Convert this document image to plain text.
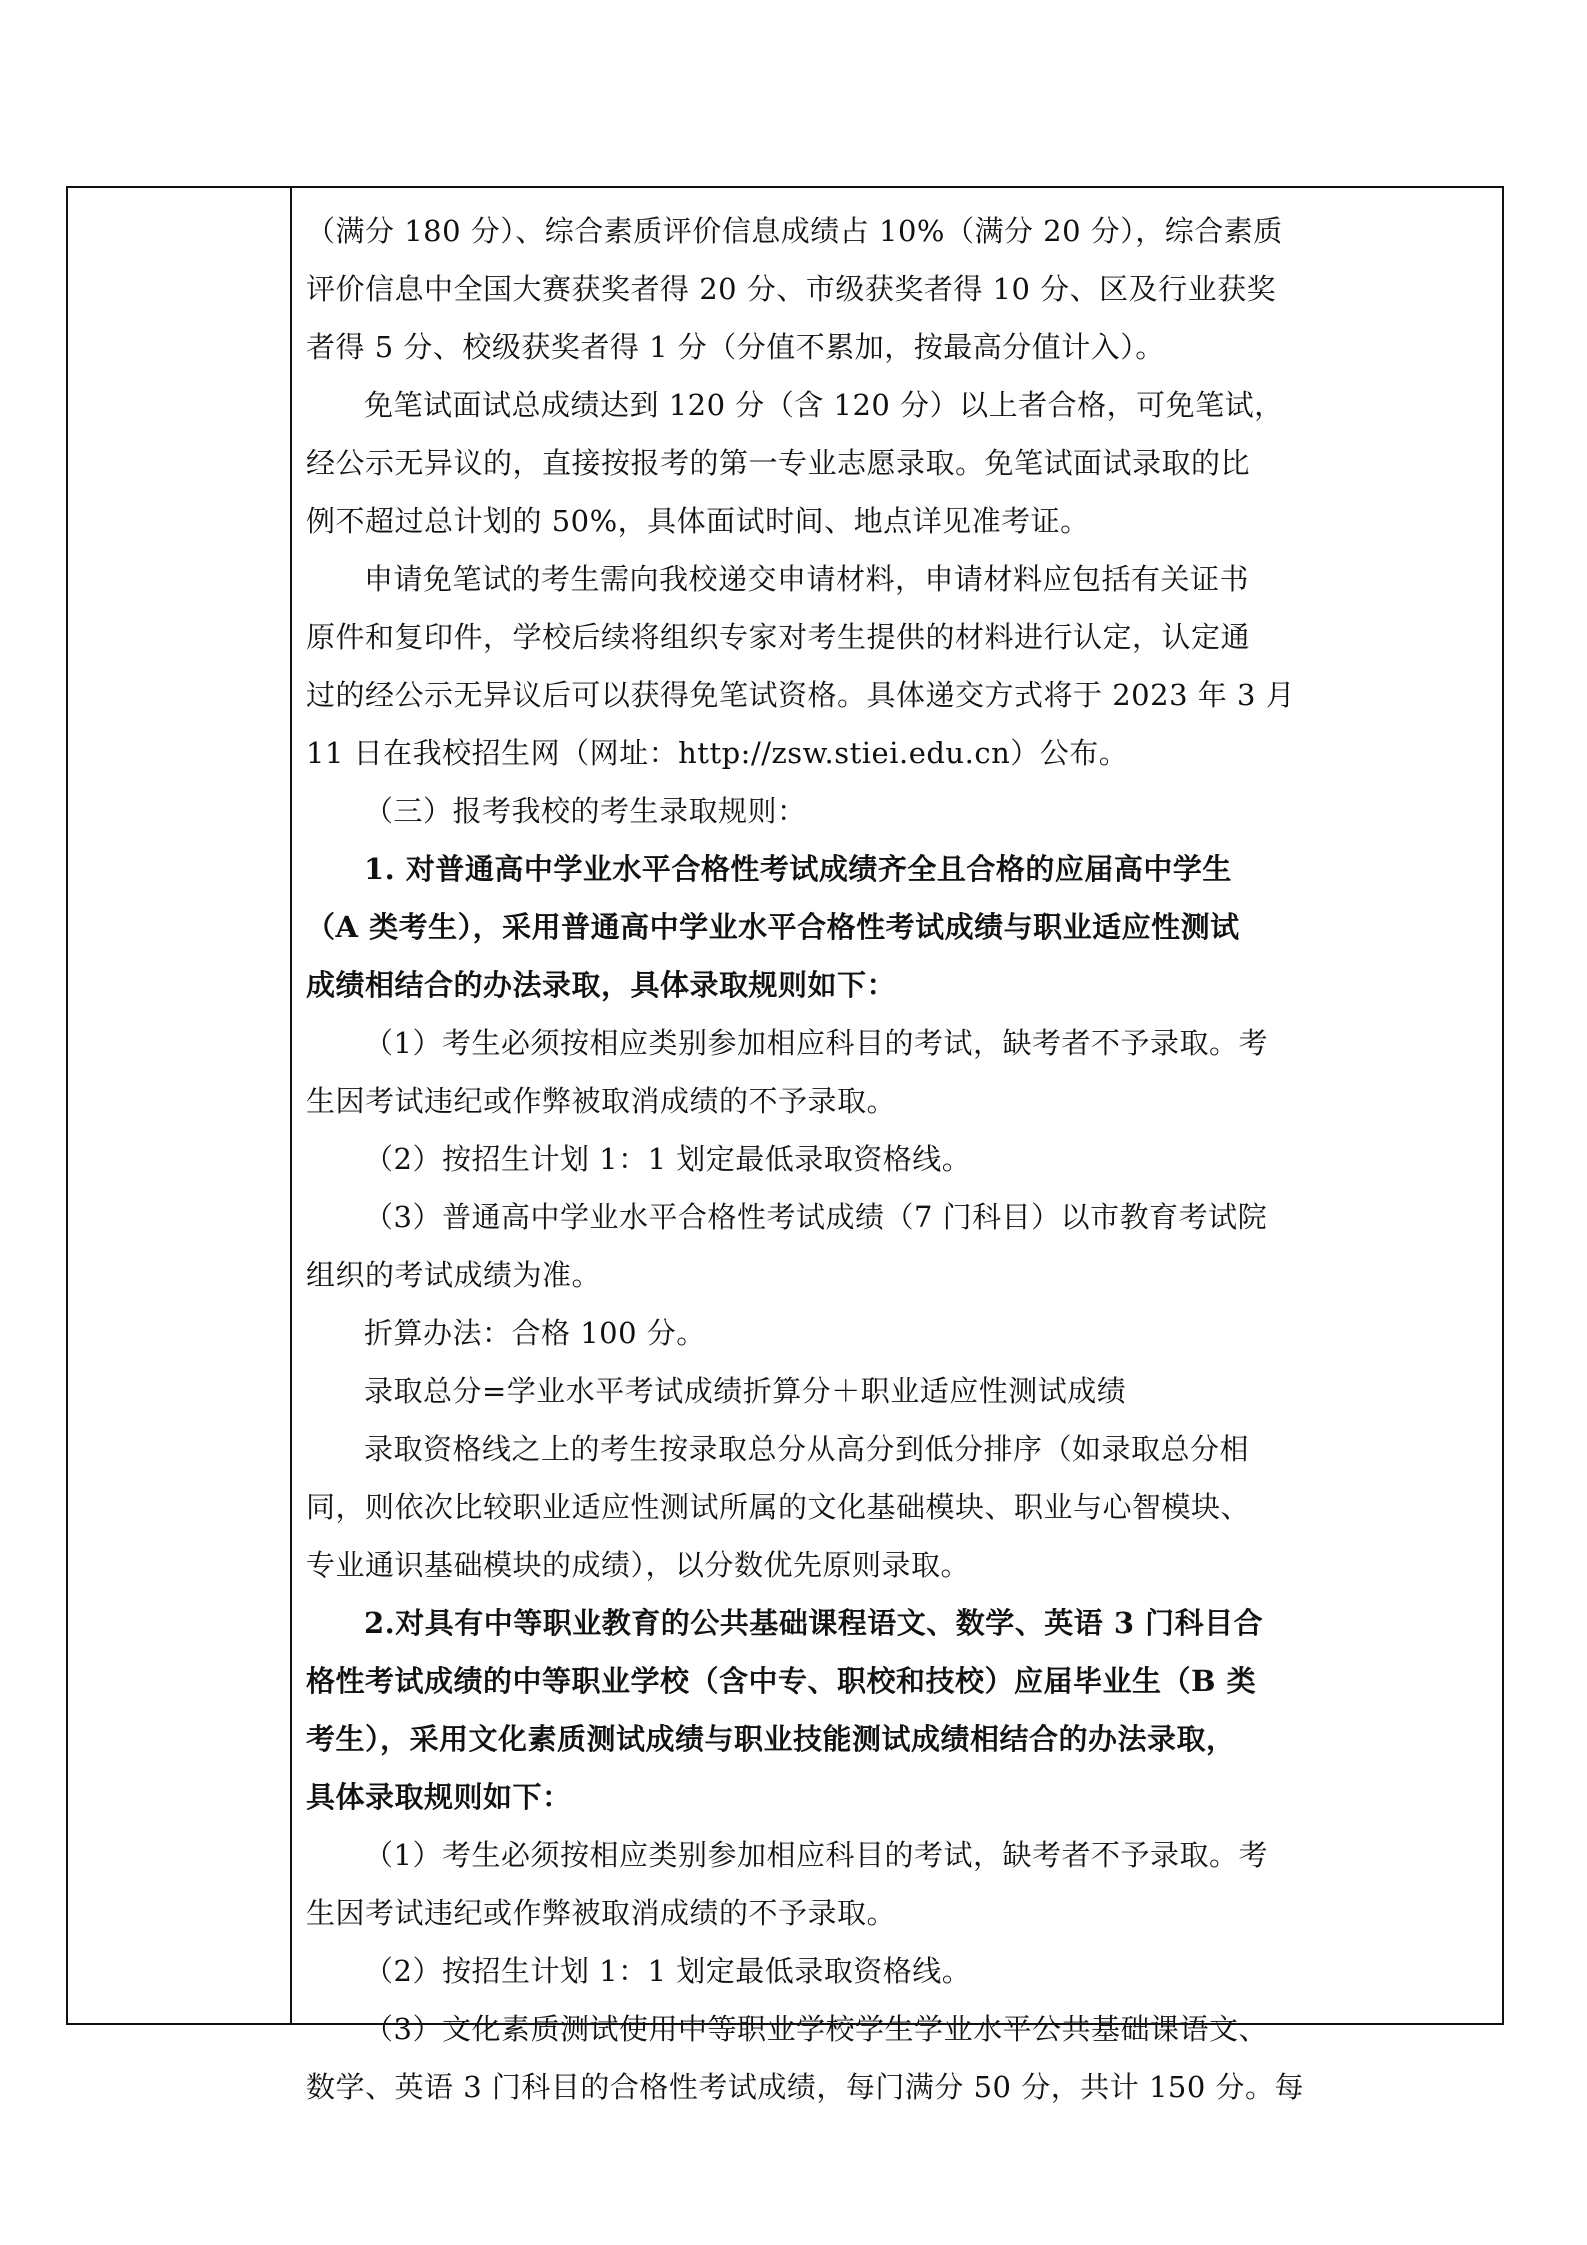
（满分 180 分）、综合素质评价信息成绩占 10%（满分 20 分），综合素质
评价信息中全国大赛获奖者得 20 分、市级获奖者得 10 分、区及行业获奖
者得 5 分、校级获奖者得 1 分（分值不累加，按最高分值计入）。
免笔试面试总成绩达到 120 分（含 120 分）以上者合格，可免笔试，
经公示无异议的，直接按报考的第一专业志愿录取。免笔试面试录取的比
例不超过总计划的 50%，具体面试时间、地点详见准考证。
申请免笔试的考生需向我校递交申请材料，申请材料应包括有关证书
原件和复印件，学校后续将组织专家对考生提供的材料进行认定，认定通
过的经公示无异议后可以获得免笔试资格。具体递交方式将于 2023 年 3 月
11 日在我校招生网（网址：http://zsw.stiei.edu.cn）公布。
（三）报考我校的考生录取规则：
1. 对普通高中学业水平合格性考试成绩齐全且合格的应届高中学生
（A 类考生），采用普通高中学业水平合格性考试成绩与职业适应性测试
成绩相结合的办法录取，具体录取规则如下：
（1）考生必须按相应类别参加相应科目的考试，缺考者不予录取。考
生因考试违纪或作弊被取消成绩的不予录取。
（2）按招生计划 1：1 划定最低录取资格线。
（3）普通高中学业水平合格性考试成绩（7 门科目）以市教育考试院
组织的考试成绩为准。
折算办法：合格 100 分。
录取总分=学业水平考试成绩折算分＋职业适应性测试成绩
录取资格线之上的考生按录取总分从高分到低分排序（如录取总分相
同，则依次比较职业适应性测试所属的文化基础模块、职业与心智模块、
专业通识基础模块的成绩），以分数优先原则录取。
2.对具有中等职业教育的公共基础课程语文、数学、英语 3 门科目合
格性考试成绩的中等职业学校（含中专、职校和技校）应届毕业生（B 类
考生），采用文化素质测试成绩与职业技能测试成绩相结合的办法录取，
具体录取规则如下：
（1）考生必须按相应类别参加相应科目的考试，缺考者不予录取。考
生因考试违纪或作弊被取消成绩的不予录取。
（2）按招生计划 1：1 划定最低录取资格线。
（3）文化素质测试使用中等职业学校学生学业水平公共基础课语文、
数学、英语 3 门科目的合格性考试成绩，每门满分 50 分，共计 150 分。每
